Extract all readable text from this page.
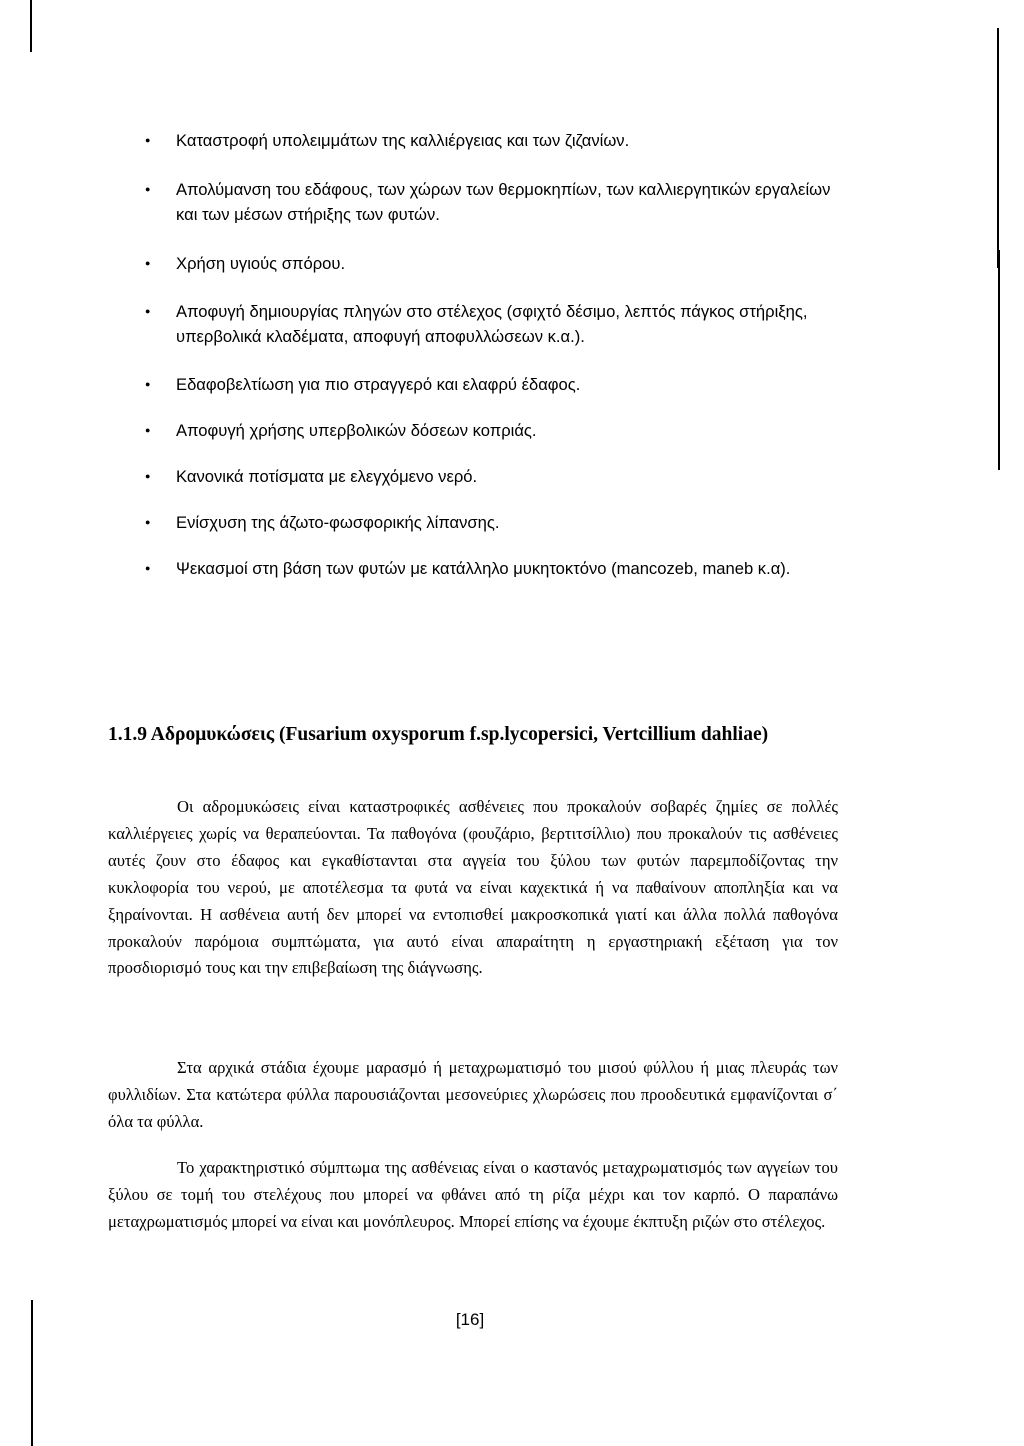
● Καταστροφή υπολειμμάτων της καλλιέργειας και των ζιζανίων.
● Απολύμανση του εδάφους, των χώρων των θερμοκηπίων, των καλλιεργητικών εργαλείων και των μέσων στήριξης των φυτών.
● Χρήση υγιούς σπόρου.
● Αποφυγή δημιουργίας πληγών στο στέλεχος (σφιχτό δέσιμο, λεπτός πάγκος στήριξης, υπερβολικά κλαδέματα, αποφυγή αποφυλλώσεων κ.α.).
● Εδαφοβελτίωση για πιο στραγγερό και ελαφρύ έδαφος.
● Αποφυγή χρήσης υπερβολικών δόσεων κοπριάς.
● Κανονικά ποτίσματα με ελεγχόμενο νερό.
● Ενίσχυση της άζωτο-φωσφορικής λίπανσης.
● Ψεκασμοί στη βάση των φυτών με κατάλληλο μυκητοκτόνο (mancozeb, maneb κ.α).
1.1.9 Αδρομυκώσεις (Fusarium oxysporum f.sp.lycopersici, Vertcillium dahliae)

Οι αδρομυκώσεις είναι καταστροφικές ασθένειες που προκαλούν σοβαρές ζημίες σε πολλές καλλιέργειες χωρίς να θεραπεύονται. Τα παθογόνα (φουζάριο, βερτιτσίλλιο) που προκαλούν τις ασθένειες αυτές ζουν στο έδαφος και εγκαθίστανται στα αγγεία του ξύλου των φυτών παρεμποδίζοντας την κυκλοφορία του νερού, με αποτέλεσμα τα φυτά να είναι καχεκτικά ή να παθαίνουν αποπληξία και να ξηραίνονται. Η ασθένεια αυτή δεν μπορεί να εντοπισθεί μακροσκοπικά γιατί και άλλα πολλά παθογόνα προκαλούν παρόμοια συμπτώματα, για αυτό είναι απαραίτητη η εργαστηριακή εξέταση για τον προσδιορισμό τους και την επιβεβαίωση της διάγνωσης.

Στα αρχικά στάδια έχουμε μαρασμό ή μεταχρωματισμό του μισού φύλλου ή μιας πλευράς των φυλλιδίων. Στα κατώτερα φύλλα παρουσιάζονται μεσονεύριες χλωρώσεις που προοδευτικά εμφανίζονται σ΄ όλα τα φύλλα.

Το χαρακτηριστικό σύμπτωμα της ασθένειας είναι ο καστανός μεταχρωματισμός των αγγείων του ξύλου σε τομή του στελέχους που μπορεί να φθάνει από τη ρίζα μέχρι και τον καρπό. Ο παραπάνω μεταχρωματισμός μπορεί να είναι και μονόπλευρος. Μπορεί επίσης να έχουμε έκπτυξη ριζών στο στέλεχος.

[16]
